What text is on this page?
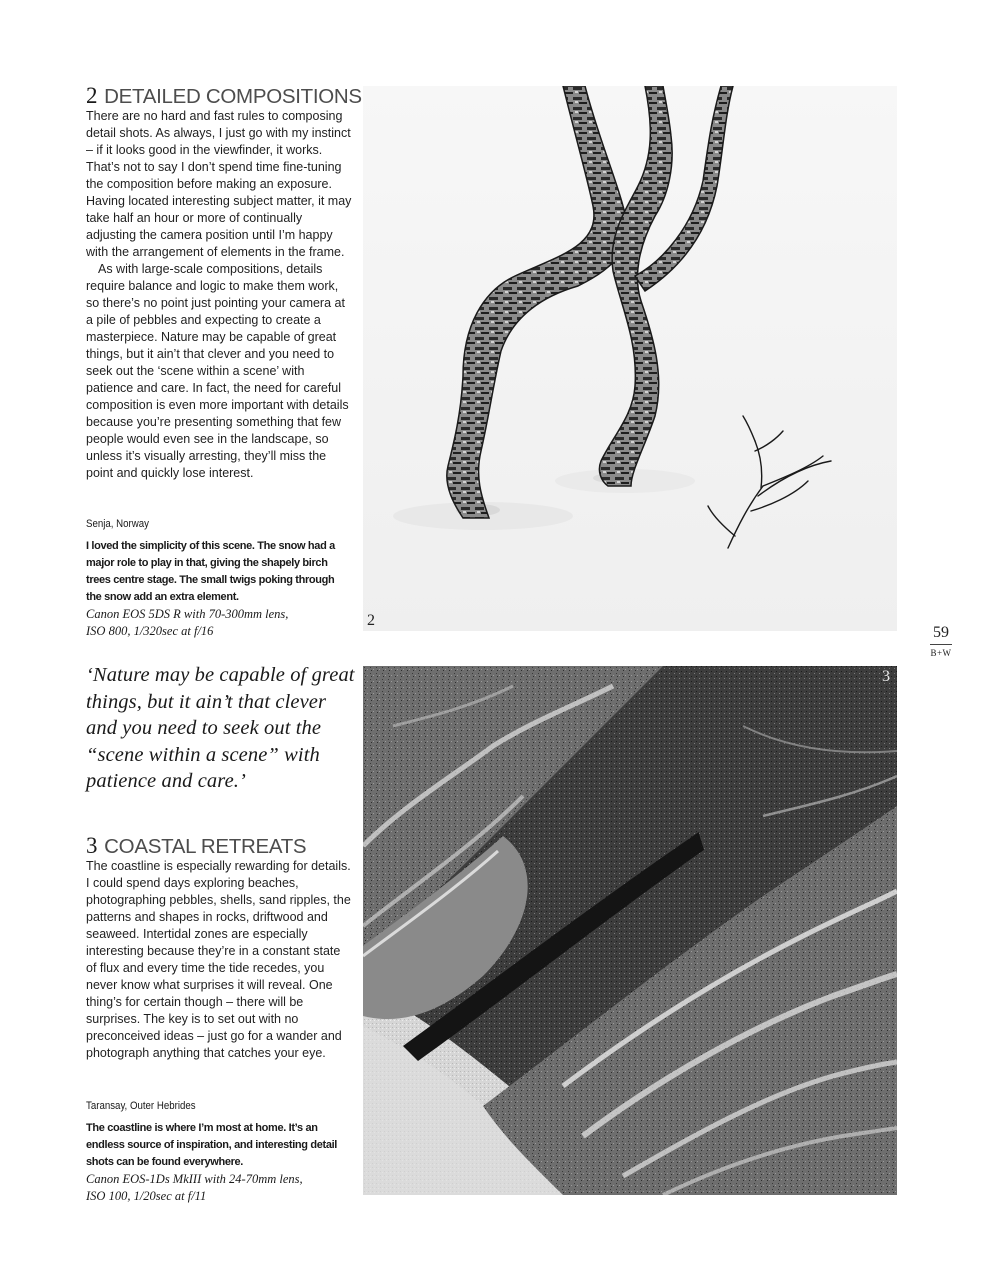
2 DETAILED COMPOSITIONS

There are no hard and fast rules to composing detail shots. As always, I just go with my instinct – if it looks good in the viewfinder, it works. That’s not to say I don’t spend time fine-tuning the composition before making an exposure. Having located interesting subject matter, it may take half an hour or more of continually adjusting the camera position until I’m happy with the arrangement of elements in the frame.

As with large-scale compositions, details require balance and logic to make them work, so there’s no point just pointing your camera at a pile of pebbles and expecting to create a masterpiece. Nature may be capable of great things, but it ain’t that clever and you need to seek out the ‘scene within a scene’ with patience and care. In fact, the need for careful composition is even more important with details because you’re presenting something that few people would even see in the landscape, so unless it’s visually arresting, they’ll miss the point and quickly lose interest.

Senja, Norway
I loved the simplicity of this scene. The snow had a major role to play in that, giving the shapely birch trees centre stage. The small twigs poking through the snow add an extra element.
Canon EOS 5DS R with 70-300mm lens,
ISO 800, 1/320sec at f/16
2
‘Nature may be capable of great things, but it ain’t that clever and you need to seek out the “scene within a scene” with patience and care.’
3 COASTAL RETREATS

The coastline is especially rewarding for details. I could spend days exploring beaches, photographing pebbles, shells, sand ripples, the patterns and shapes in rocks, driftwood and seaweed. Intertidal zones are especially interesting because they’re in a constant state of flux and every time the tide recedes, you never know what surprises it will reveal. One thing’s for certain though – there will be surprises. The key is to set out with no preconceived ideas – just go for a wander and photograph anything that catches your eye.

Taransay, Outer Hebrides
The coastline is where I’m most at home. It’s an endless source of inspiration, and interesting detail shots can be found everywhere.
Canon EOS-1Ds MkIII with 24-70mm lens,
ISO 100, 1/20sec at f/11
3
59
B+W
